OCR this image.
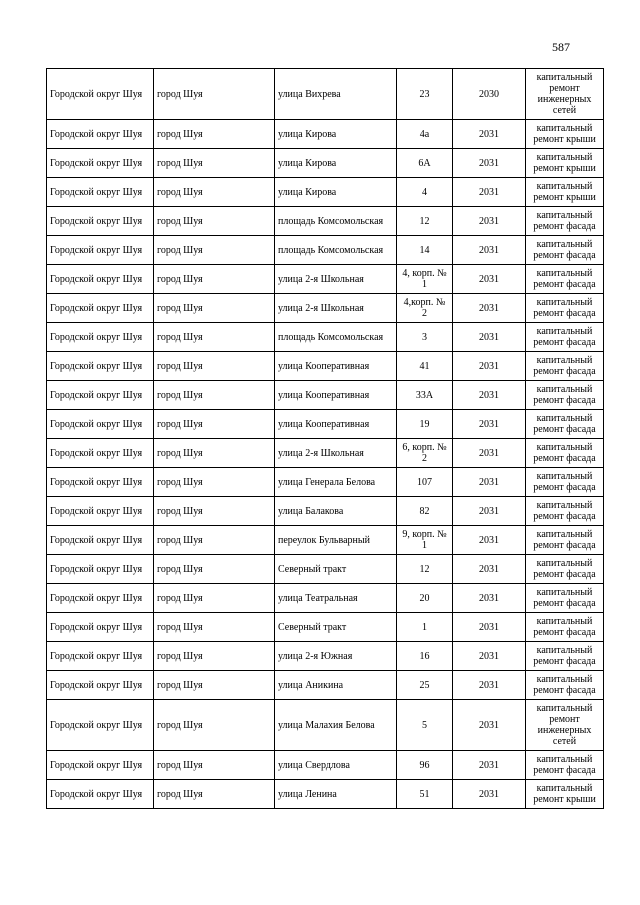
587
Городской округ Шуя	город Шуя	улица Вихрева	23	2030	капитальный ремонт инженерных сетей
Городской округ Шуя	город Шуя	улица Кирова	4а	2031	капитальный ремонт крыши
Городской округ Шуя	город Шуя	улица Кирова	6А	2031	капитальный ремонт крыши
Городской округ Шуя	город Шуя	улица Кирова	4	2031	капитальный ремонт крыши
Городской округ Шуя	город Шуя	площадь Комсомольская	12	2031	капитальный ремонт фасада
Городской округ Шуя	город Шуя	площадь Комсомольская	14	2031	капитальный ремонт фасада
Городской округ Шуя	город Шуя	улица 2-я Школьная	4, корп. № 1	2031	капитальный ремонт фасада
Городской округ Шуя	город Шуя	улица 2-я Школьная	4,корп. № 2	2031	капитальный ремонт фасада
Городской округ Шуя	город Шуя	площадь Комсомольская	3	2031	капитальный ремонт фасада
Городской округ Шуя	город Шуя	улица Кооперативная	41	2031	капитальный ремонт фасада
Городской округ Шуя	город Шуя	улица Кооперативная	33А	2031	капитальный ремонт фасада
Городской округ Шуя	город Шуя	улица Кооперативная	19	2031	капитальный ремонт фасада
Городской округ Шуя	город Шуя	улица 2-я Школьная	6, корп. № 2	2031	капитальный ремонт фасада
Городской округ Шуя	город Шуя	улица Генерала Белова	107	2031	капитальный ремонт фасада
Городской округ Шуя	город Шуя	улица Балакова	82	2031	капитальный ремонт фасада
Городской округ Шуя	город Шуя	переулок Бульварный	9, корп. № 1	2031	капитальный ремонт фасада
Городской округ Шуя	город Шуя	Северный тракт	12	2031	капитальный ремонт фасада
Городской округ Шуя	город Шуя	улица Театральная	20	2031	капитальный ремонт фасада
Городской округ Шуя	город Шуя	Северный тракт	1	2031	капитальный ремонт фасада
Городской округ Шуя	город Шуя	улица 2-я Южная	16	2031	капитальный ремонт фасада
Городской округ Шуя	город Шуя	улица Аникина	25	2031	капитальный ремонт фасада
Городской округ Шуя	город Шуя	улица Малахия Белова	5	2031	капитальный ремонт инженерных сетей
Городской округ Шуя	город Шуя	улица Свердлова	96	2031	капитальный ремонт фасада
Городской округ Шуя	город Шуя	улица Ленина	51	2031	капитальный ремонт крыши
